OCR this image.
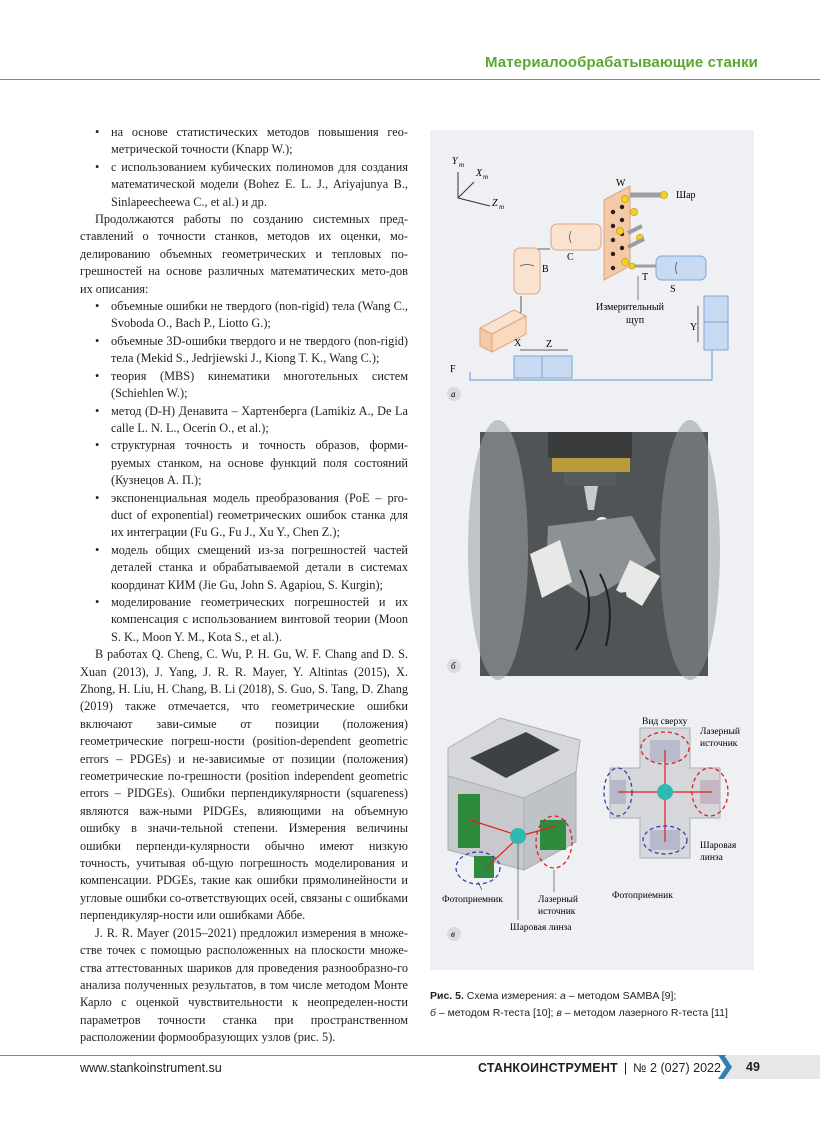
Материалообрабатывающие станки
• на основе статистических методов повышения гео-метрической точности (Knapp W.);
• с использованием кубических полиномов для создания математической модели (Bohez E. L. J., Ariyajunya B., Sinlapeecheewa C., et al.) и др.

Продолжаются работы по созданию системных пред-ставлений о точности станков, методов их оценки, мо-делированию объемных геометрических и тепловых по-грешностей на основе различных математических мето-дов их описания:

• объемные ошибки не твердого (non-rigid) тела (Wang C., Svoboda O., Bach P., Liotto G.);
• объемные 3D-ошибки твердого и не твердого (non-rigid) тела (Mekid S., Jedrjiewski J., Kiong T. K., Wang C.);
• теория (MBS) кинематики многотельных систем (Schiehlen W.);
• метод (D-H) Денавита – Хартенберга (Lamikiz A., De La calle L. N. L., Ocerin O., et al.);
• структурная точность и точность образов, форми-руемых станком, на основе функций поля состояний (Кузнецов А. П.);
• экспоненциальная модель преобразования (PoE – pro-duct of exponential) геометрических ошибок станка для их интеграции (Fu G., Fu J., Xu Y., Chen Z.);
• модель общих смещений из-за погрешностей частей деталей станка и обрабатываемой детали в системах координат КИМ (Jie Gu, John S. Agapiou, S. Kurgin);
• моделирование геометрических погрешностей и их компенсация с использованием винтовой теории (Moon S. K., Moon Y. M., Kota S., et al.).

В работах Q. Cheng, C. Wu, P. H. Gu, W. F. Chang and D. S. Xuan (2013), J. Yang, J. R. R. Mayer, Y. Altintas (2015), X. Zhong, H. Liu, H. Chang, B. Li (2018), S. Guo, S. Tang, D. Zhang (2019) также отмечается, что геометрические ошибки включают зави-симые от позиции (положения) геометрические погреш-ности (position-dependent geometric errors – PDGEs) и не-зависимые от позиции (положения) геометрические по-грешности (position independent geometric errors – PIDGEs). Ошибки перпендикулярности (squareness) являются важ-ными PIDGEs, влияющими на объемную ошибку в значи-тельной степени. Измерения величины ошибки перпенди-кулярности обычно имеют низкую точность, учитывая об-щую погрешность моделирования и компенсации. PDGEs, такие как ошибки прямолинейности и угловые ошибки со-ответствующих осей, связаны с ошибками перпендикуляр-ности или ошибками Аббе.

J. R. R. Mayer (2015–2021) предложил измерения в множе-стве точек с помощью расположенных на плоскости множе-ства аттестованных шариков для проведения разнообразно-го анализа полученных результатов, в том числе методом Монте Карло с оценкой чувствительности к неопределен-ности параметров точности станка при пространственном расположении формообразующих узлов (рис. 5).

Y m
X m
Z m
W
Шар
C
B
X
F
Z
T
S
Измерительный
щуп
Y
а
б
Вид сверху
Лазерный
источник
Шаровая
линза
Фотоприемник	Лазерный
источник
Фотоприемник
Шаровая линза
в
Рис. 5. Схема измерения: а – методом SAMBA [9];
б – методом R-теста [10]; в – методом лазерного R-теста [11]
www.stankoinstrument.su	СТАНКОИНСТРУМЕНТ | № 2 (027) 2022 49
